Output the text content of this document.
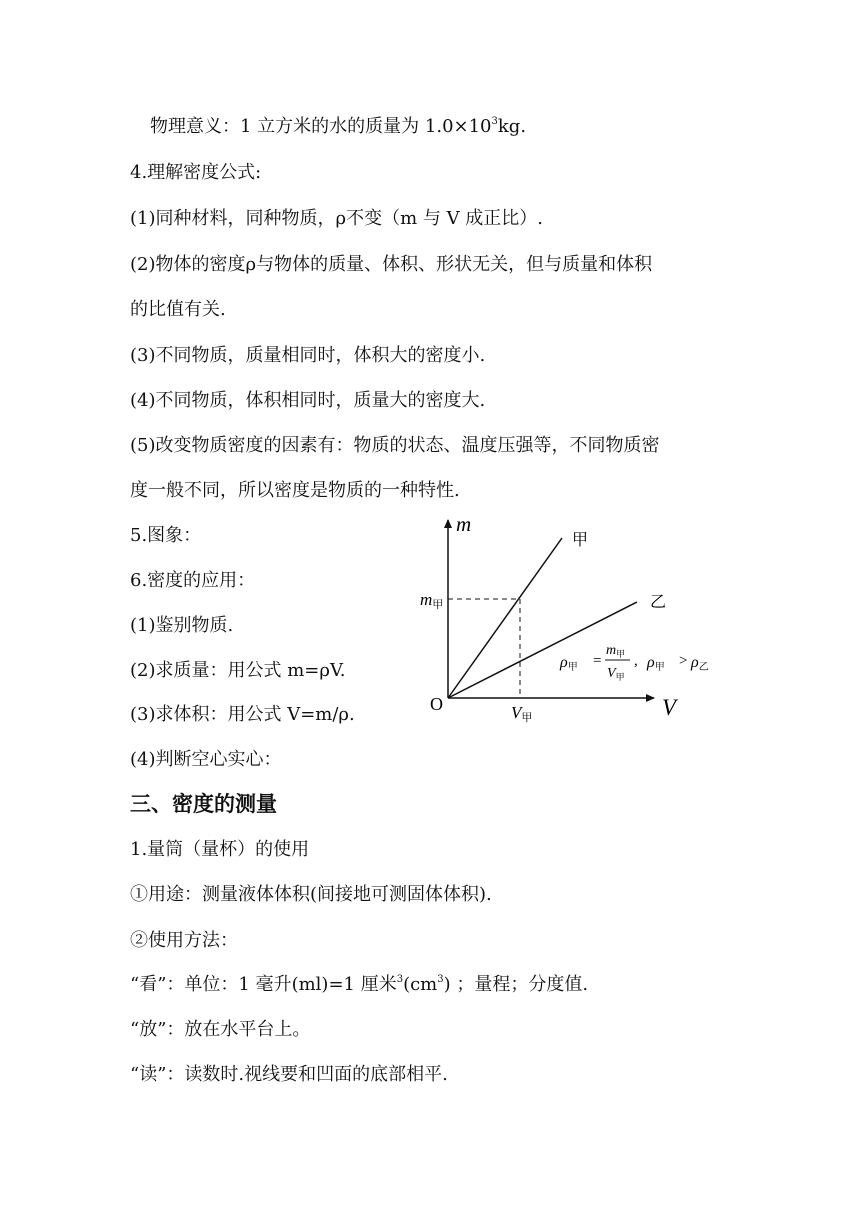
物理意义：1 立方米的水的质量为 $1.0\times 10^3kg$.
4.理解密度公式:
(1)同种材料，同种物质，ρ不变（m 与 V 成正比）.
(2)物体的密度ρ与物体的质量、体积、形状无关，但与质量和体积
的比值有关.
(3)不同物质，质量相同时，体积大的密度小.
(4)不同物质，体积相同时，质量大的密度大.
(5)改变物质密度的因素有：物质的状态、温度压强等，不同物质密
度一般不同，所以密度是物质的一种特性.
5.图象：
6.密度的应用：
(1)鉴别物质.
(2)求质量：用公式 m=ρV.
(3)求体积：用公式 V=m/ρ.
(4)判断空心实心：
三、密度的测量
1.量筒（量杯）的使用
①用途：测量液体体积(间接地可测固体体积).
②使用方法：
“看”：单位：1 毫升(ml)=1 厘米$^3(cm^3)$ ；量程；分度值.
“放”：放在水平台上。
“读”：读数时.视线要和凹面的底部相平.
m
V
O
甲
乙
m甲
V甲
ρ甲 =
$m_甲$
$V_甲$
, ρ甲 > ρ乙
